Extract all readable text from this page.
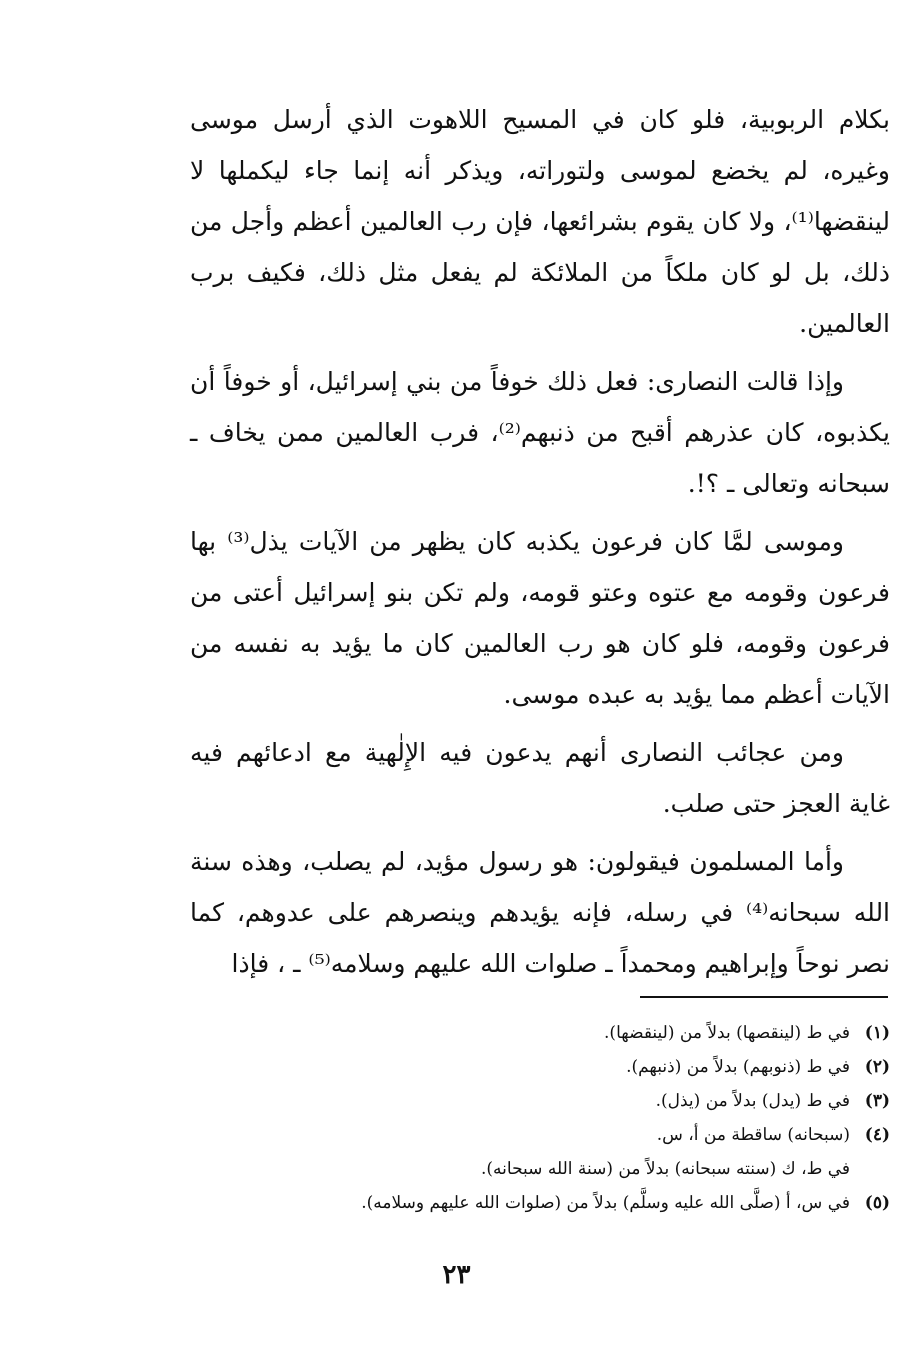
بكلام الربوبية، فلو كان في المسيح اللاهوت الذي أرسل موسى وغيره، لم يخضع لموسى ولتوراته، ويذكر أنه إنما جاء ليكملها لا لينقضها⁽¹⁾، ولا كان يقوم بشرائعها، فإن رب العالمين أعظم وأجل من ذلك، بل لو كان ملكاً من الملائكة لم يفعل مثل ذلك، فكيف برب العالمين.

وإذا قالت النصارى: فعل ذلك خوفاً من بني إسرائيل، أو خوفاً أن يكذبوه، كان عذرهم أقبح من ذنبهم⁽²⁾، فرب العالمين ممن يخاف ـ سبحانه وتعالى ـ ؟!.

وموسى لمَّا كان فرعون يكذبه كان يظهر من الآيات يذل⁽³⁾ بها فرعون وقومه مع عتوه وعتو قومه، ولم تكن بنو إسرائيل أعتى من فرعون وقومه، فلو كان هو رب العالمين كان ما يؤيد به نفسه من الآيات أعظم مما يؤيد به عبده موسى.

ومن عجائب النصارى أنهم يدعون فيه الإِلٰهية مع ادعائهم فيه غاية العجز حتى صلب.

وأما المسلمون فيقولون: هو رسول مؤيد، لم يصلب، وهذه سنة الله سبحانه⁽⁴⁾ في رسله، فإنه يؤيدهم وينصرهم على عدوهم، كما نصر نوحاً وإبراهيم ومحمداً ـ صلوات الله عليهم وسلامه⁽⁵⁾ ـ ، فإذا

(١)
في ط (لينقصها) بدلاً من (لينقضها).
(٢)
في ط (ذنوبهم) بدلاً من (ذنبهم).
(٣)
في ط (يدل) بدلاً من (يذل).
(٤)
(سبحانه) ساقطة من أ، س.
في ط، ك (سنته سبحانه) بدلاً من (سنة الله سبحانه).
(٥)
في س، أ (صلَّى الله عليه وسلَّم) بدلاً من (صلوات الله عليهم وسلامه).
٢٣
